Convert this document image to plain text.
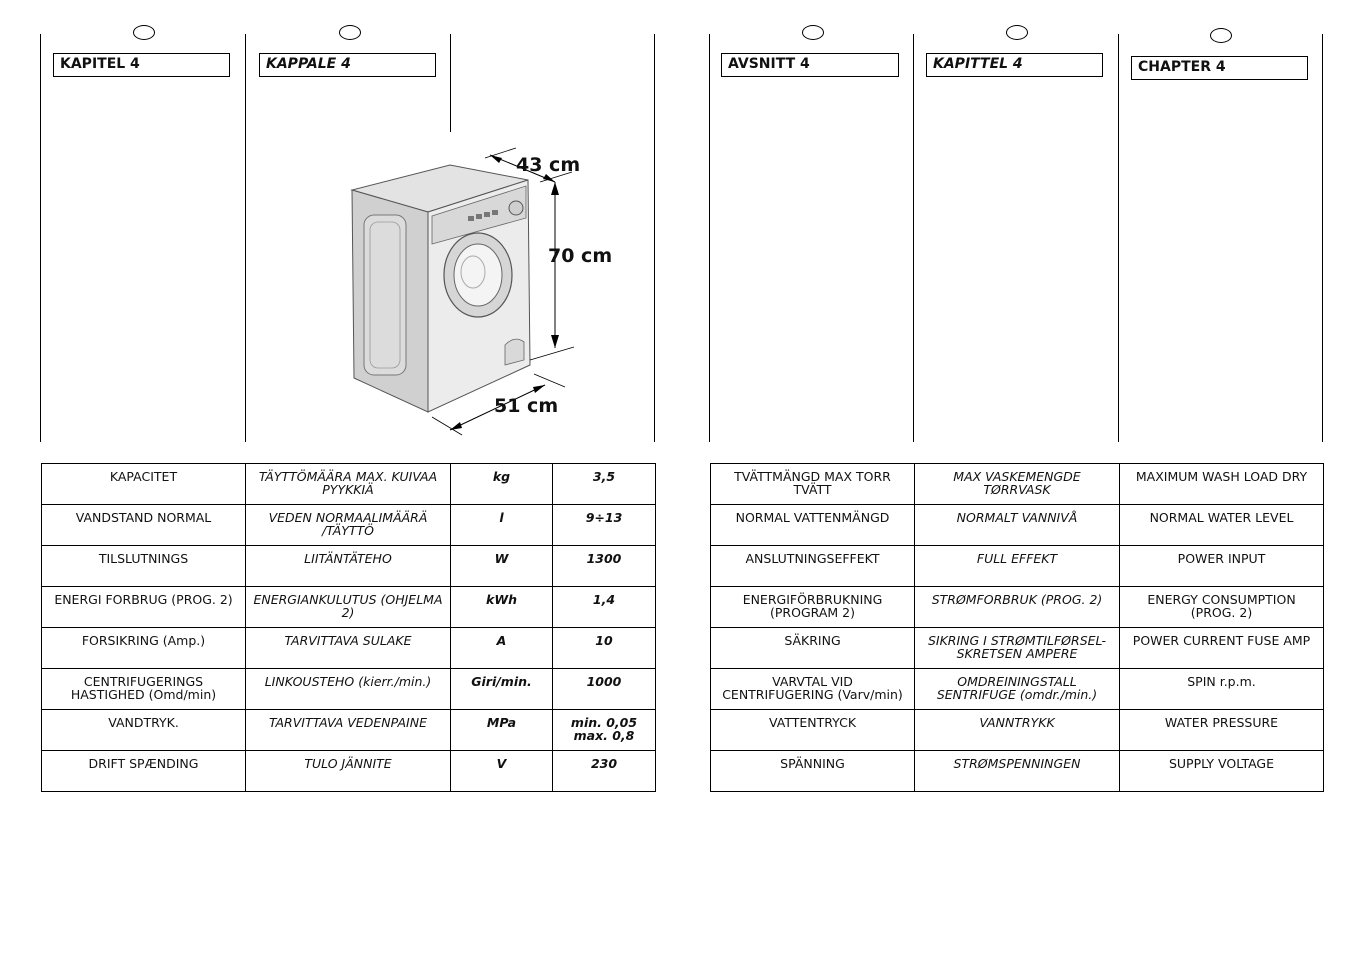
KAPITEL 4	KAPPALE 4	AVSNITT 4	KAPITTEL 4	CHAPTER 4
43 cm
70 cm
51 cm
KAPACITET	TÄYTTÖMÄÄRA MAX. KUIVAA PYYKKIÄ	kg	3,5
VANDSTAND NORMAL	VEDEN NORMAALIMÄÄRÄ /TÄYTTÖ	l	9÷13
TILSLUTNINGS	LIITÄNTÄTEHO	W	1300
ENERGI FORBRUG (PROG. 2)	ENERGIANKULUTUS (OHJELMA 2)	kWh	1,4
FORSIKRING (Amp.)	TARVITTAVA SULAKE	A	10
CENTRIFUGERINGS HASTIGHED (Omd/min)	LINKOUSTEHO (kierr./min.)	Giri/min.	1000
VANDTRYK.	TARVITTAVA VEDENPAINE	MPa	min. 0,05 max. 0,8
DRIFT SPÆNDING	TULO JÄNNITE	V	230
TVÄTTMÄNGD MAX TORR TVÄTT	MAX VASKEMENGDE TØRRVASK	MAXIMUM WASH LOAD DRY
NORMAL VATTENMÄNGD	NORMALT VANNIVÅ	NORMAL WATER LEVEL
ANSLUTNINGSEFFEKT	FULL EFFEKT	POWER INPUT
ENERGIFÖRBRUKNING (PROGRAM 2)	STRØMFORBRUK (PROG. 2)	ENERGY CONSUMPTION (PROG. 2)
SÄKRING	SIKRING I STRØMTILFØRSEL- SKRETSEN AMPERE	POWER CURRENT FUSE AMP
VARVTAL VID CENTRIFUGERING (Varv/min)	OMDREININGSTALL SENTRIFUGE (omdr./min.)	SPIN r.p.m.
VATTENTRYCK	VANNTRYKK	WATER PRESSURE
SPÄNNING	STRØMSPENNINGEN	SUPPLY VOLTAGE
